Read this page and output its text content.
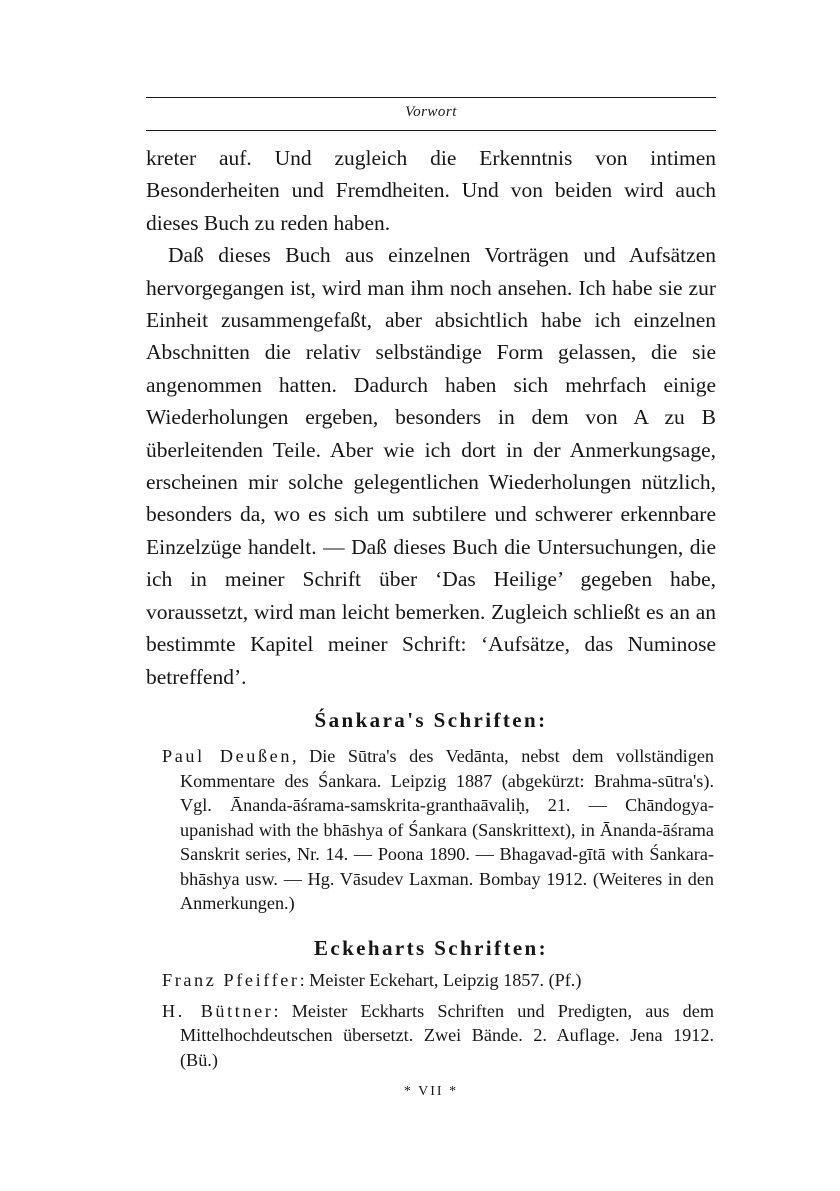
Vorwort

kreter auf. Und zugleich die Erkenntnis von intimen Besonderheiten und Fremdheiten. Und von beiden wird auch dieses Buch zu reden haben.

Daß dieses Buch aus einzelnen Vorträgen und Aufsätzen hervorgegangen ist, wird man ihm noch ansehen. Ich habe sie zur Einheit zusammengefaßt, aber absichtlich habe ich einzelnen Abschnitten die relativ selbständige Form gelassen, die sie angenommen hatten. Dadurch haben sich mehrfach einige Wiederholungen ergeben, besonders in dem von A zu B überleitenden Teile. Aber wie ich dort in der Anmerkungsage, erscheinen mir solche gelegentlichen Wiederholungen nützlich, besonders da, wo es sich um subtilere und schwerer erkennbare Einzelzüge handelt. — Daß dieses Buch die Untersuchungen, die ich in meiner Schrift über ‘Das Heilige’ gegeben habe, voraussetzt, wird man leicht bemerken. Zugleich schließt es an an bestimmte Kapitel meiner Schrift: ‘Aufsätze, das Numinose betreffend’.

Śankara's Schriften:

Paul Deußen, Die Sūtra's des Vedānta, nebst dem vollständigen Kommentare des Śankara. Leipzig 1887 (abgekürzt: Brahma-sūtra's). Vgl. Ānanda-āśrama-samskrita-granthaāvaliḥ, 21. — Chāndogya-upanishad with the bhāshya of Śankara (Sanskrittext), in Ānanda-āśrama Sanskrit series, Nr. 14. — Poona 1890. — Bhagavad-gītā with Śankara-bhāshya usw. — Hg. Vāsudev Laxman. Bombay 1912. (Weiteres in den Anmerkungen.)

Eckeharts Schriften:

Franz Pfeiffer: Meister Eckehart, Leipzig 1857. (Pf.)

H. Büttner: Meister Eckharts Schriften und Predigten, aus dem Mittelhochdeutschen übersetzt. Zwei Bände. 2. Auflage. Jena 1912. (Bü.)

* VII *
